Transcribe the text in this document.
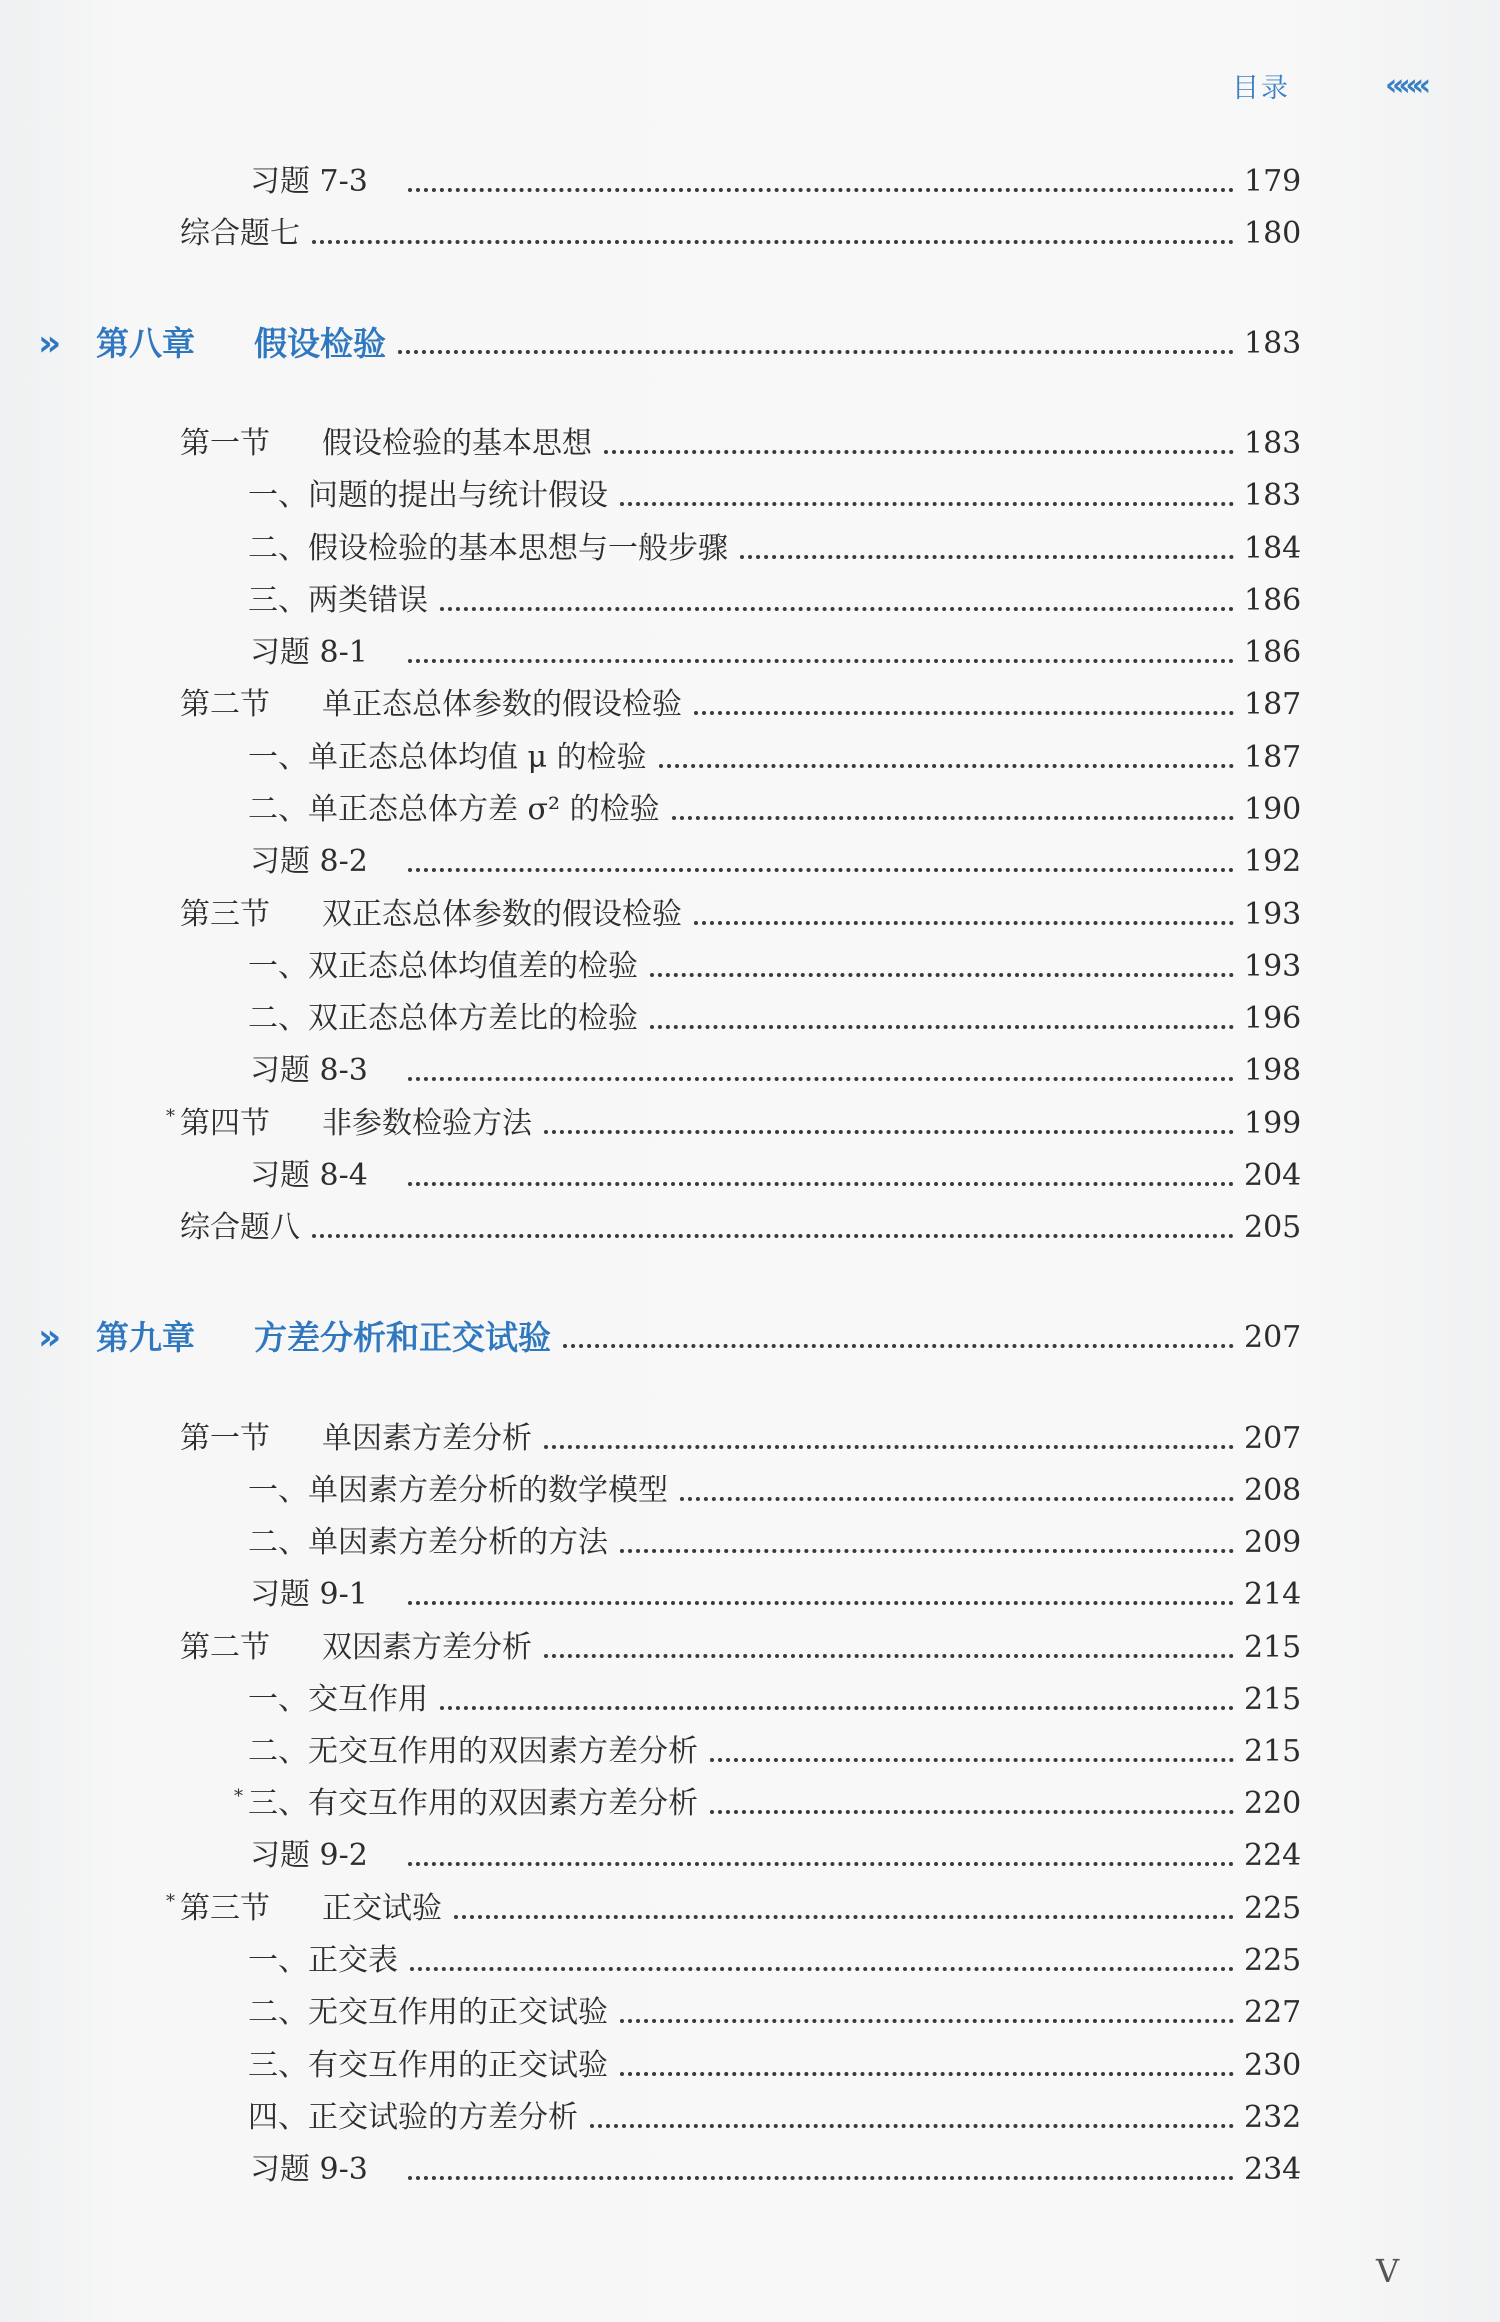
目录	«««
习题 7-3	179
综合题七	180
»	第八章	假设检验	183
第一节 假设检验的基本思想	183
一、问题的提出与统计假设	183
二、假设检验的基本思想与一般步骤	184
三、两类错误	186
习题 8-1	186
第二节 单正态总体参数的假设检验	187
一、单正态总体均值 μ 的检验	187
二、单正态总体方差 σ² 的检验	190
习题 8-2	192
第三节 双正态总体参数的假设检验	193
一、双正态总体均值差的检验	193
二、双正态总体方差比的检验	196
习题 8-3	198
第四节 非参数检验方法	199
*
习题 8-4	204
综合题八	205
»	第九章	方差分析和正交试验	207
第一节 单因素方差分析	207
一、单因素方差分析的数学模型	208
二、单因素方差分析的方法	209
习题 9-1	214
第二节 双因素方差分析	215
一、交互作用	215
二、无交互作用的双因素方差分析	215
三、有交互作用的双因素方差分析	220
*
习题 9-2	224
第三节 正交试验	225
*
一、正交表	225
二、无交互作用的正交试验	227
三、有交互作用的正交试验	230
四、正交试验的方差分析	232
习题 9-3	234
V
